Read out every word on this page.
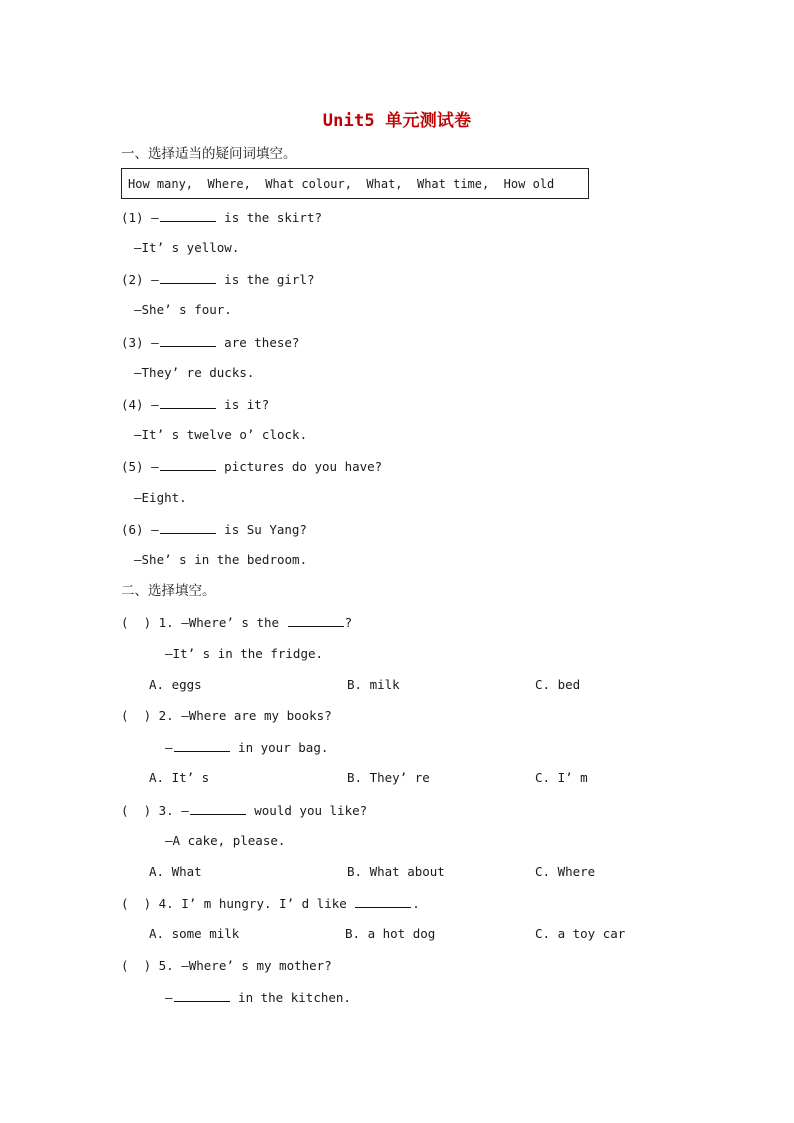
Unit5 单元测试卷
一、选择适当的疑问词填空。
How many,  Where,  What colour,  What,  What time,  How old
(1) —	is the skirt?
—It’ s yellow.
(2) —	is the girl?
—She’ s four.
(3) —	are these?
—They’ re ducks.
(4) —	is it?
—It’ s twelve o’ clock.
(5) —	pictures do you have?
—Eight.
(6) —	is Su Yang?
—She’ s in the bedroom.
二、选择填空。
(  ) 1. —Where’ s the	?
—It’ s in the fridge.
A. eggs	B. milk	C. bed
(  ) 2. —Where are my books?
—	in your bag.
A. It’ s	B. They’ re	C. I’ m
(  ) 3. —	would you like?
—A cake, please.
A. What	B. What about	C. Where
(  ) 4. I’ m hungry. I’ d like	.
A. some milk	B. a hot dog	C. a toy car
(  ) 5. —Where’ s my mother?
—	in the kitchen.
